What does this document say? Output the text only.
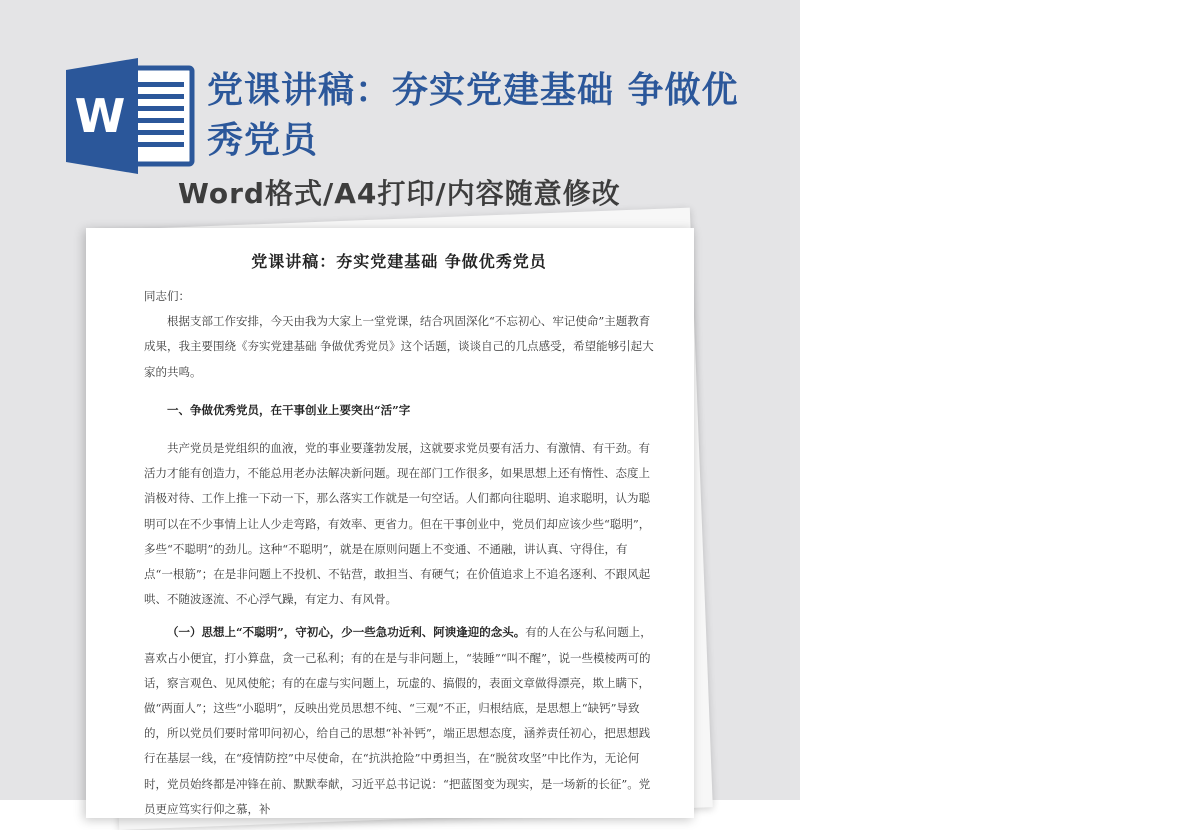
W 党课讲稿：夯实党建基础 争做优秀党员
Word格式/A4打印/内容随意修改
党课讲稿：夯实党建基础 争做优秀党员

同志们：

根据支部工作安排，今天由我为大家上一堂党课，结合巩固深化“不忘初心、牢记使命”主题教育成果，我主要围绕《夯实党建基础 争做优秀党员》这个话题，谈谈自己的几点感受，希望能够引起大家的共鸣。

一、争做优秀党员，在干事创业上要突出“活”字

共产党员是党组织的血液，党的事业要蓬勃发展，这就要求党员要有活力、有激情、有干劲。有活力才能有创造力，不能总用老办法解决新问题。现在部门工作很多，如果思想上还有惰性、态度上消极对待、工作上推一下动一下，那么落实工作就是一句空话。人们都向往聪明、追求聪明，认为聪明可以在不少事情上让人少走弯路，有效率、更省力。但在干事创业中，党员们却应该少些“聪明”，多些“不聪明”的劲儿。这种“不聪明”，就是在原则问题上不变通、不通融，讲认真、守得住，有点“一根筋”；在是非问题上不投机、不钻营，敢担当、有硬气；在价值追求上不追名逐利、不跟风起哄、不随波逐流、不心浮气躁，有定力、有风骨。

（一）思想上“不聪明”，守初心，少一些急功近利、阿谀逢迎的念头。有的人在公与私问题上，喜欢占小便宜，打小算盘，贪一己私利；有的在是与非问题上，“装睡”“叫不醒”，说一些模棱两可的话，察言观色、见风使舵；有的在虚与实问题上，玩虚的、搞假的，表面文章做得漂亮，欺上瞒下，做“两面人”；这些“小聪明”，反映出党员思想不纯、“三观”不正，归根结底，是思想上“缺钙”导致的，所以党员们要时常叩问初心，给自己的思想“补补钙”，端正思想态度，涵养责任初心，把思想践行在基层一线，在“疫情防控”中尽使命，在“抗洪抢险”中勇担当，在“脱贫攻坚”中比作为，无论何时，党员始终都是冲锋在前、默默奉献，习近平总书记说：“把蓝图变为现实，是一场新的长征”。党员更应笃实行仰之慕，补
